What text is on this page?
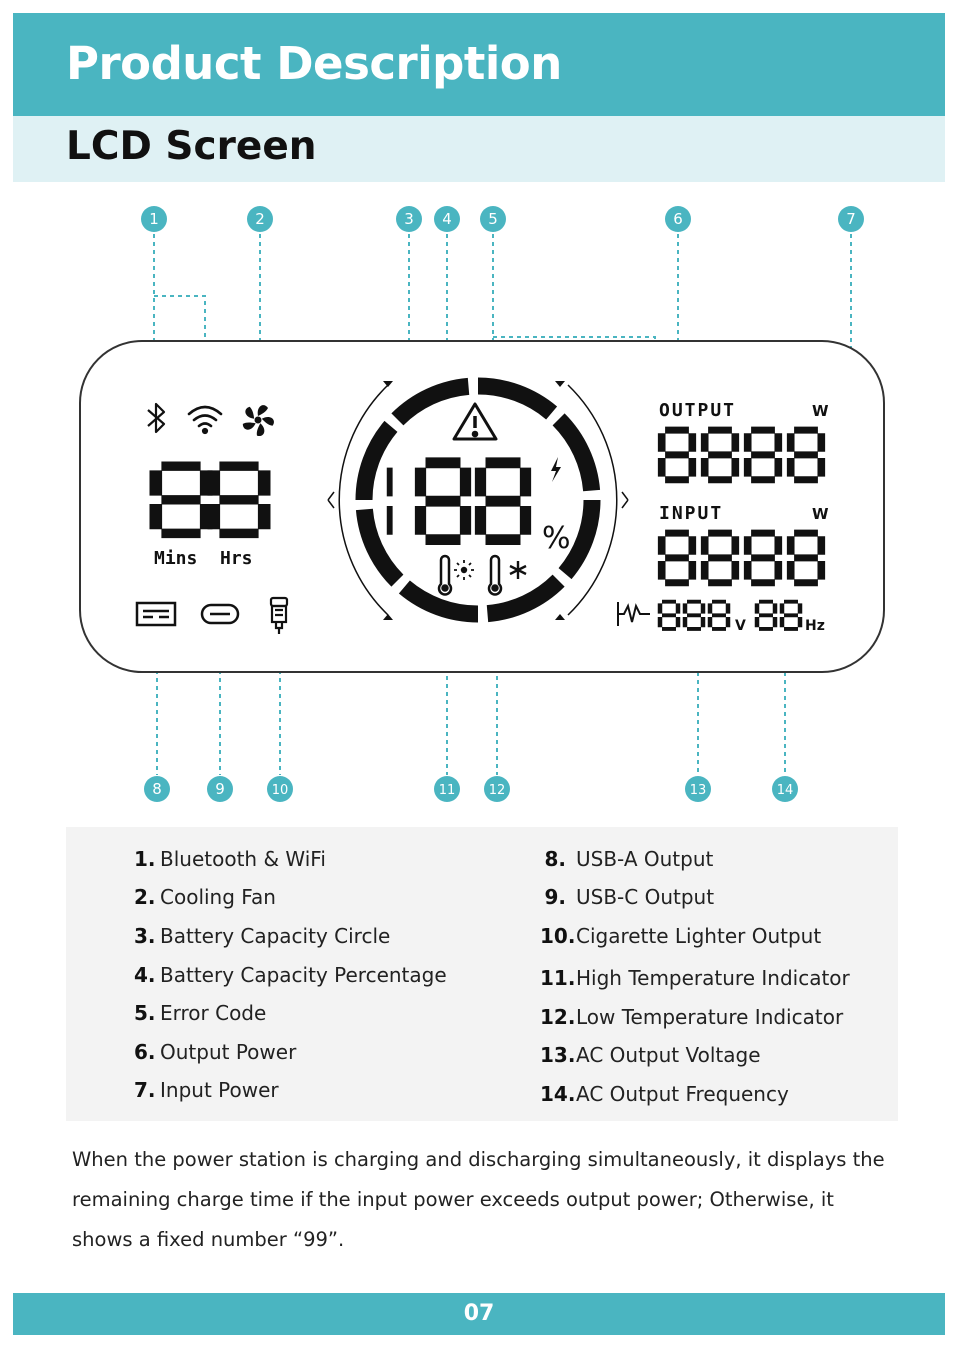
Product Description
LCD Screen
1	2	3 4 5	6	7
8	9	10	11	12	13	14
Mins Hrs
%
OUTPUT	W
INPUT	W
V	Hz
1. Bluetooth & WiFi
2. Cooling Fan
3. Battery Capacity Circle
4. Battery Capacity Percentage
5. Error Code
6. Output Power
7. Input Power
8. USB-A Output
9. USB-C Output
10.Cigarette Lighter Output
11.High Temperature Indicator
12.Low Temperature Indicator
13.AC Output Voltage
14.AC Output Frequency
When the power station is charging and discharging simultaneously, it displays the remaining charge time if the input power exceeds output power; Otherwise, it shows a fixed number “99”.
07
